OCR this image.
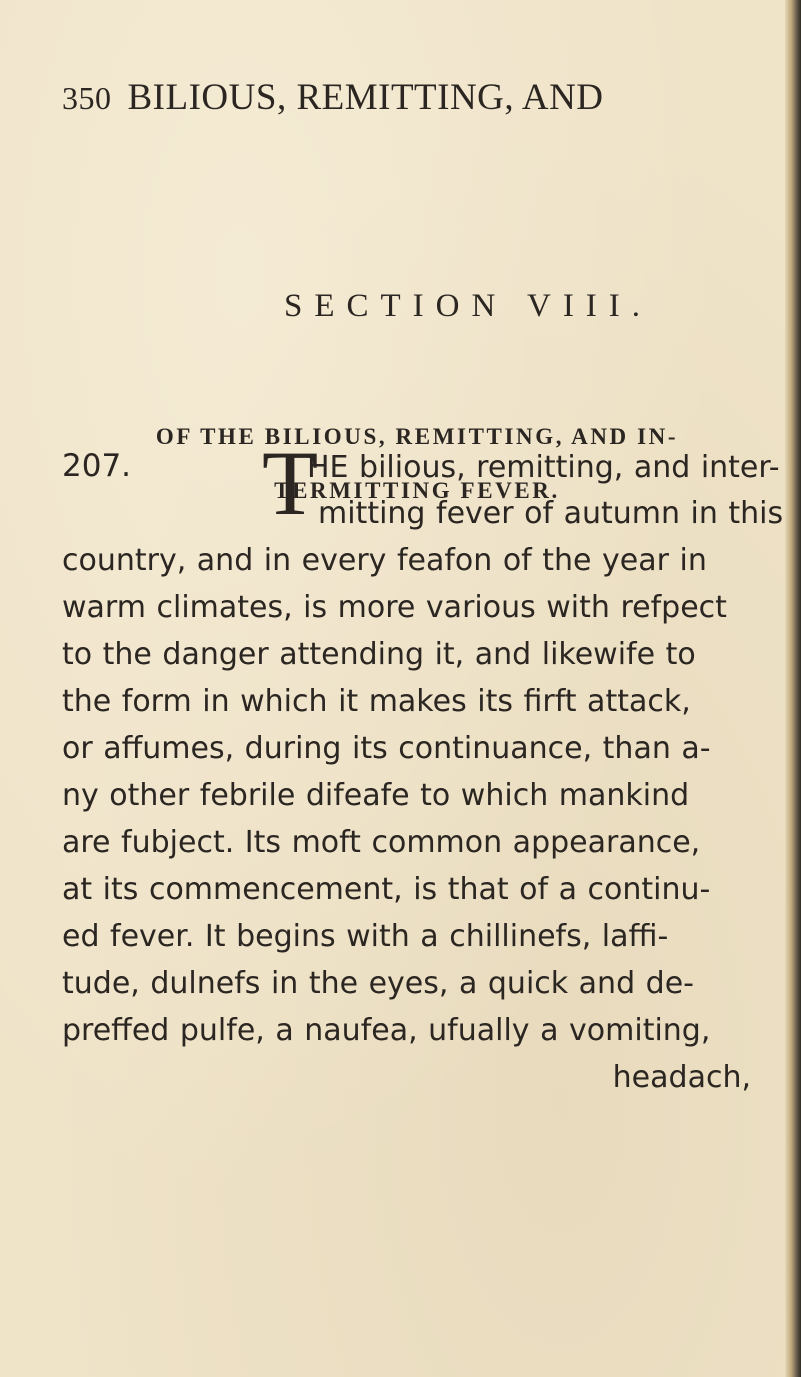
350 BILIOUS, REMITTING, AND
SECTION VIII.
OF THE BILIOUS, REMITTING, AND IN-
TERMITTING FEVER.
207. T
HE bilious, remitting, and inter-
mitting fever of autumn in this
country, and in every feafon of the year in
warm climates, is more various with refpect
to the danger attending it, and likewife to
the form in which it makes its firft attack,
or affumes, during its continuance, than a-
ny other febrile difeafe to which mankind
are fubject. Its moft common appearance,
at its commencement, is that of a continu-
ed fever. It begins with a chillinefs, laffi-
tude, dulnefs in the eyes, a quick and de-
preffed pulfe, a naufea, ufually a vomiting,
headach,
